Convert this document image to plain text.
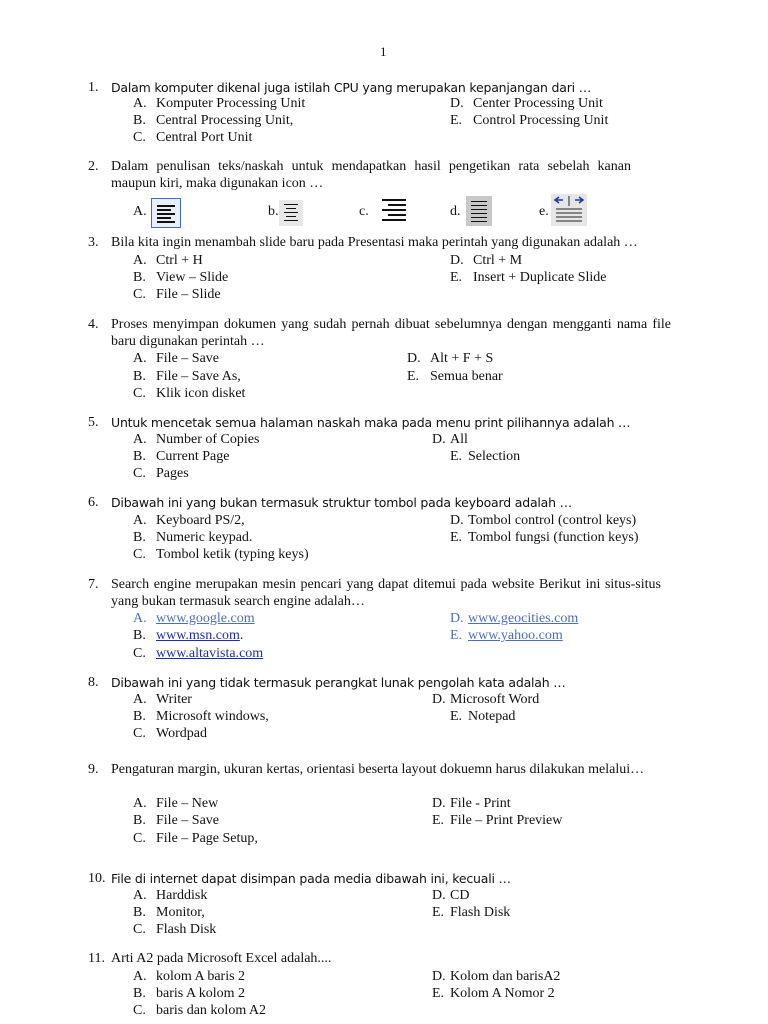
1
1. Dalam komputer dikenal juga istilah CPU yang merupakan kepanjangan dari …
A. Komputer Processing Unit	D. Center Processing Unit
B. Central Processing Unit,	E. Control Processing Unit
C. Central Port Unit
2. Dalam penulisan teks/naskah untuk mendapatkan hasil pengetikan rata sebelah kanan maupun kiri, maka digunakan icon …
A.	b.	c.	d.	e.
3. Bila kita ingin menambah slide baru pada Presentasi maka perintah yang digunakan adalah …
A. Ctrl + H	D. Ctrl + M
B. View – Slide	E. Insert + Duplicate Slide
C. File – Slide
4. Proses menyimpan dokumen yang sudah pernah dibuat sebelumnya dengan mengganti nama file baru digunakan perintah …
A. File – Save	D. Alt + F + S
B. File – Save As,	E. Semua benar
C. Klik icon disket
5. Untuk mencetak semua halaman naskah maka pada menu print pilihannya adalah …
A. Number of Copies	D. All
B. Current Page	E. Selection
C. Pages
6. Dibawah ini yang bukan termasuk struktur tombol pada keyboard adalah …
A. Keyboard PS/2,	D. Tombol control (control keys)
B. Numeric keypad.	E. Tombol fungsi (function keys)
C. Tombol ketik (typing keys)
7. Search engine merupakan mesin pencari yang dapat ditemui pada website Berikut ini situs-situs yang bukan termasuk search engine adalah…
A. www.google.com	D. www.geocities.com
B. www.msn.com.	E. www.yahoo.com
C. www.altavista.com
8. Dibawah ini yang tidak termasuk perangkat lunak pengolah kata adalah …
A. Writer	D. Microsoft Word
B. Microsoft windows,	E. Notepad
C. Wordpad
9. Pengaturan margin, ukuran kertas, orientasi beserta layout dokuemn harus dilakukan melalui…
A. File – New	D. File - Print
B. File – Save	E. File – Print Preview
C. File – Page Setup,
10. File di internet dapat disimpan pada media dibawah ini, kecuali …
A. Harddisk	D. CD
B. Monitor,	E. Flash Disk
C. Flash Disk
11. Arti A2 pada Microsoft Excel adalah....
A. kolom A baris 2	D. Kolom dan barisA2
B. baris A kolom 2	E. Kolom A Nomor 2
C. baris dan kolom A2
